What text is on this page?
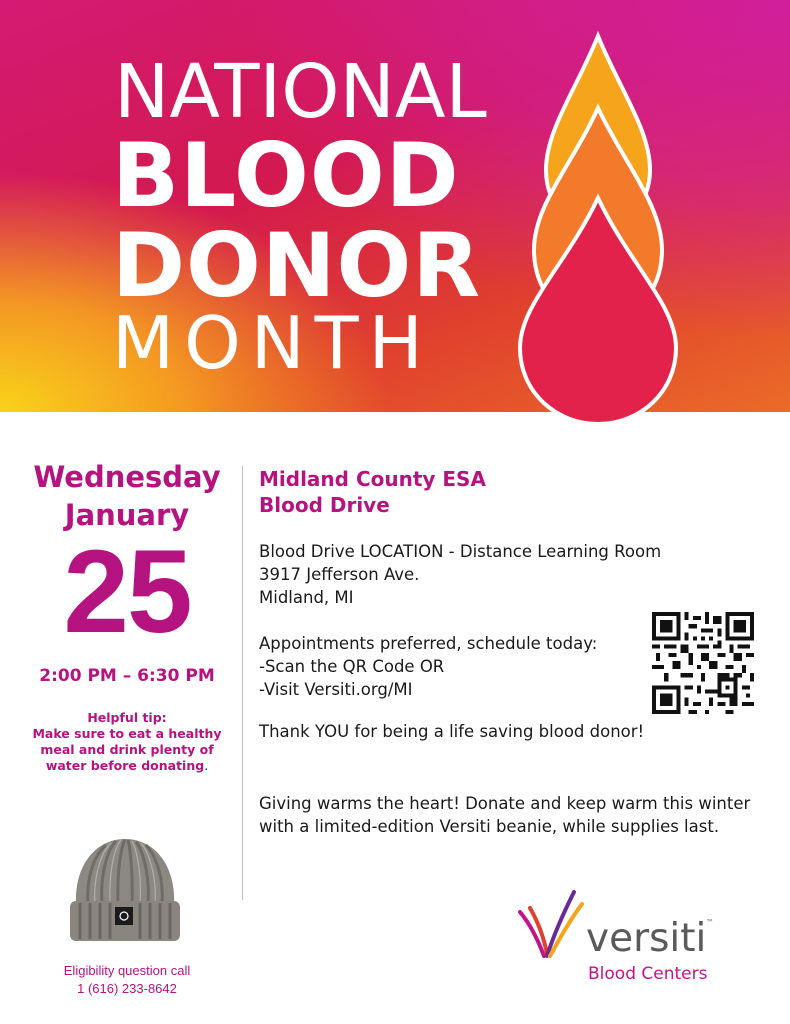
NATIONAL
BLOOD
DONOR
MONTH
Wednesday
January
25
2:00 PM – 6:30 PM
Helpful tip:
Make sure to eat a healthy meal and drink plenty of water before donating.
Eligibility question call
1 (616) 233-8642

Midland County ESA
Blood Drive

Blood Drive LOCATION - Distance Learning Room
3917 Jefferson Ave.
Midland, MI

Appointments preferred, schedule today:
-Scan the QR Code OR
-Visit Versiti.org/MI

Thank YOU for being a life saving blood donor!

Giving warms the heart! Donate and keep warm this winter with a limited-edition Versiti beanie, while supplies last.

versiti ™
Blood Centers
